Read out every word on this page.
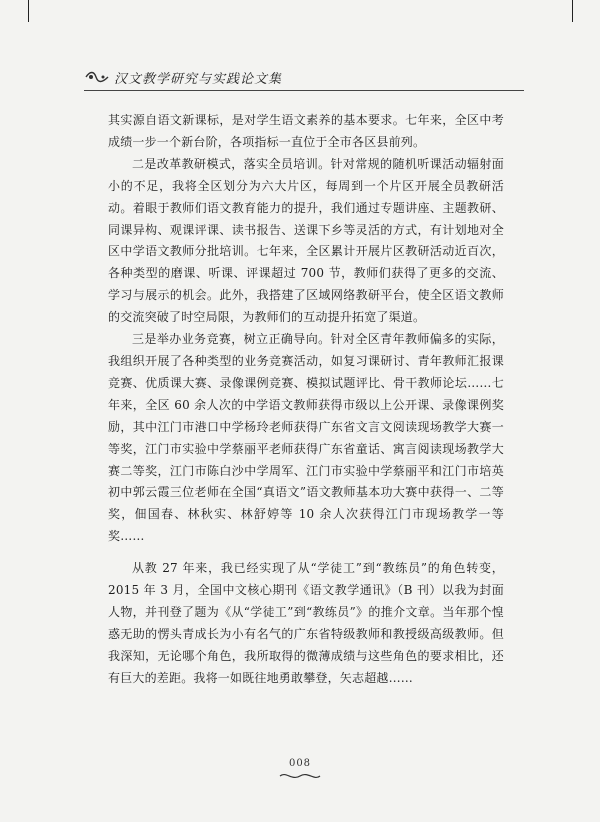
汉文教学研究与实践论文集

其实源自语文新课标，是对学生语文素养的基本要求。七年来，全区中考成绩一步一个新台阶，各项指标一直位于全市各区县前列。

二是改革教研模式，落实全员培训。针对常规的随机听课活动辐射面小的不足，我将全区划分为六大片区，每周到一个片区开展全员教研活动。着眼于教师们语文教育能力的提升，我们通过专题讲座、主题教研、同课异构、观课评课、读书报告、送课下乡等灵活的方式，有计划地对全区中学语文教师分批培训。七年来，全区累计开展片区教研活动近百次，各种类型的磨课、听课、评课超过 700 节，教师们获得了更多的交流、学习与展示的机会。此外，我搭建了区域网络教研平台，使全区语文教师的交流突破了时空局限，为教师们的互动提升拓宽了渠道。

三是举办业务竞赛，树立正确导向。针对全区青年教师偏多的实际，我组织开展了各种类型的业务竞赛活动，如复习课研讨、青年教师汇报课竞赛、优质课大赛、录像课例竞赛、模拟试题评比、骨干教师论坛……七年来，全区 60 余人次的中学语文教师获得市级以上公开课、录像课例奖励，其中江门市港口中学杨玲老师获得广东省文言文阅读现场教学大赛一等奖，江门市实验中学蔡丽平老师获得广东省童话、寓言阅读现场教学大赛二等奖，江门市陈白沙中学周军、江门市实验中学蔡丽平和江门市培英初中郭云霞三位老师在全国“真语文”语文教师基本功大赛中获得一、二等奖，佃国春、林秋实、林舒婷等 10 余人次获得江门市现场教学一等奖……

从教 27 年来，我已经实现了从“学徒工”到“教练员”的角色转变，2015 年 3 月，全国中文核心期刊《语文教学通讯》（B 刊）以我为封面人物，并刊登了题为《从“学徒工”到“教练员”》的推介文章。当年那个惶惑无助的愣头青成长为小有名气的广东省特级教师和教授级高级教师。但我深知，无论哪个角色，我所取得的微薄成绩与这些角色的要求相比，还有巨大的差距。我将一如既往地勇敢攀登，矢志超越……

008
